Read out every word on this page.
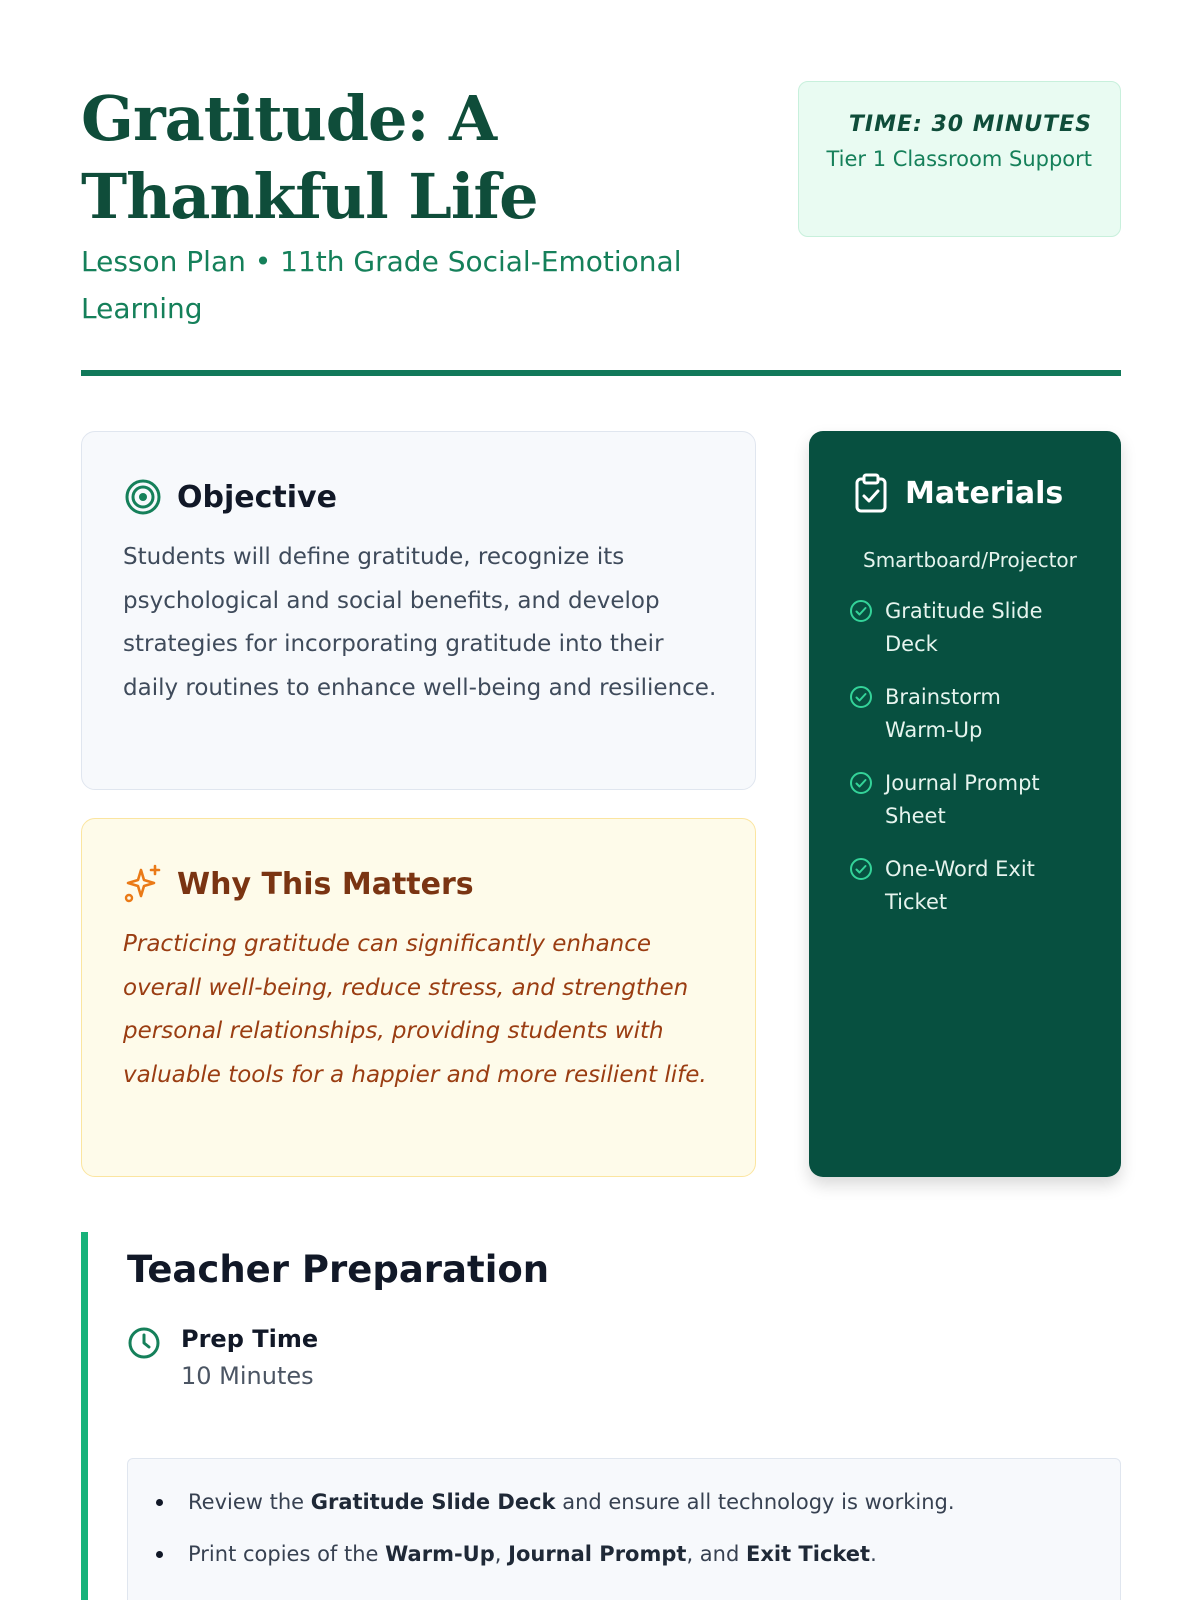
Gratitude: A Thankful Life
Lesson Plan • 11th Grade Social-Emotional Learning
TIME: 30 MINUTES
Tier 1 Classroom Support
Objective

Students will define gratitude, recognize its psychological and social benefits, and develop strategies for incorporating gratitude into their daily routines to enhance well-being and resilience.

Why This Matters

Practicing gratitude can significantly enhance overall well-being, reduce stress, and strengthen personal relationships, providing students with valuable tools for a happier and more resilient life.

Materials
Smartboard/Projector
Gratitude Slide Deck
Brainstorm Warm-Up
Journal Prompt Sheet
One-Word Exit Ticket
Teacher Preparation
Prep Time
10 Minutes
Review the Gratitude Slide Deck and ensure all technology is working.
Print copies of the Warm-Up, Journal Prompt, and Exit Ticket.
